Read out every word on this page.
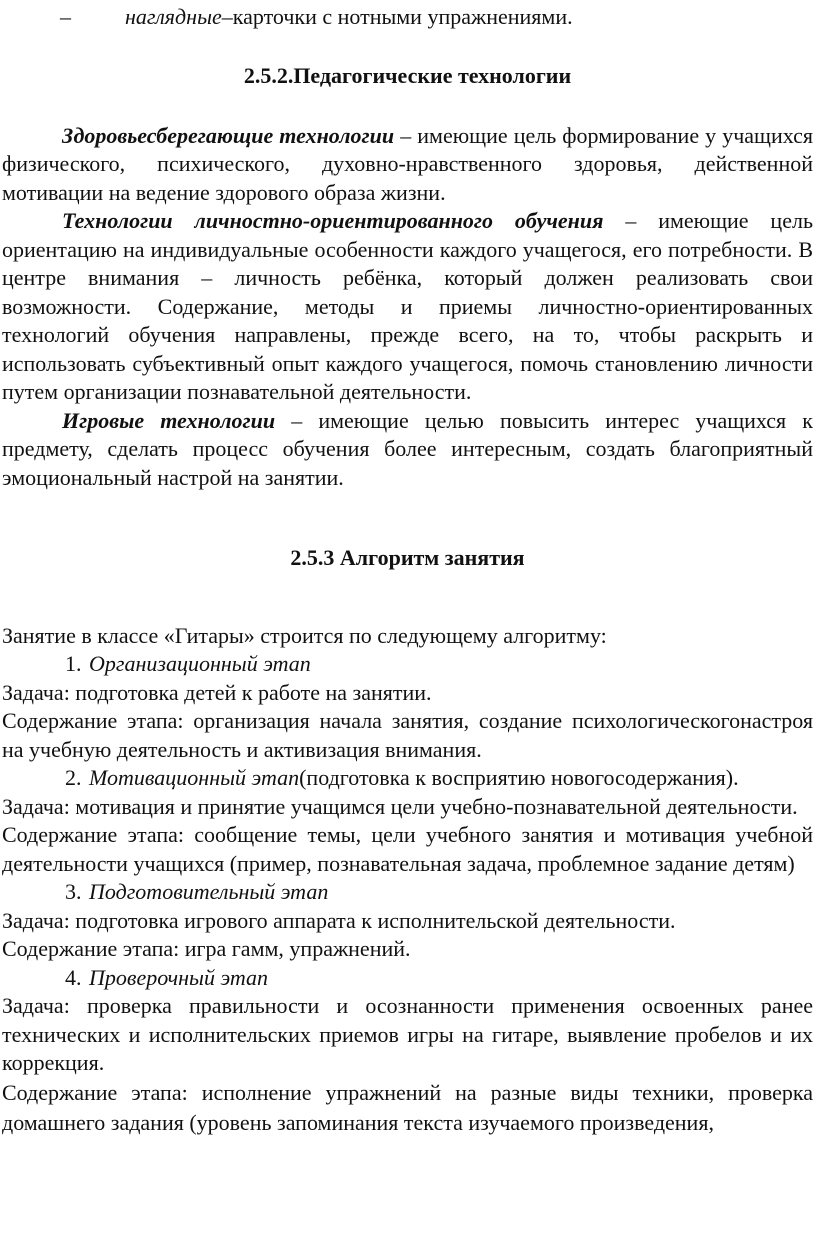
– наглядные–карточки с нотными упражнениями.
2.5.2.Педагогические технологии

Здоровьесберегающие технологии – имеющие цель формирование у учащихся физического, психического, духовно-нравственного здоровья, действенной мотивации на ведение здорового образа жизни.

Технологии личностно-ориентированного обучения – имеющие цель ориентацию на индивидуальные особенности каждого учащегося, его потребности. В центре внимания – личность ребёнка, который должен реализовать свои возможности. Содержание, методы и приемы личностно-ориентированных технологий обучения направлены, прежде всего, на то, чтобы раскрыть и использовать субъективный опыт каждого учащегося, помочь становлению личности путем организации познавательной деятельности.

Игровые технологии – имеющие целью повысить интерес учащихся к предмету, сделать процесс обучения более интересным, создать благоприятный эмоциональный настрой на занятии.

2.5.3 Алгоритм занятия

Занятие в классе «Гитары» строится по следующему алгоритму:

1. Организационный этап

Задача: подготовка детей к работе на занятии.

Содержание этапа: организация начала занятия, создание психологическогонастроя на учебную деятельность и активизация внимания.

2. Мотивационный этап(подготовка к восприятию новогосодержания).

Задача: мотивация и принятие учащимся цели учебно-познавательной деятельности.

Содержание этапа: сообщение темы, цели учебного занятия и мотивация учебной деятельности учащихся (пример, познавательная задача, проблемное задание детям)

3. Подготовительный этап

Задача: подготовка игрового аппарата к исполнительской деятельности.

Содержание этапа: игра гамм, упражнений.

4. Проверочный этап

Задача: проверка правильности и осознанности применения освоенных ранее технических и исполнительских приемов игры на гитаре, выявление пробелов и их коррекция.

Содержание этапа: исполнение упражнений на разные виды техники, проверка домашнего задания (уровень запоминания текста изучаемого произведения,
